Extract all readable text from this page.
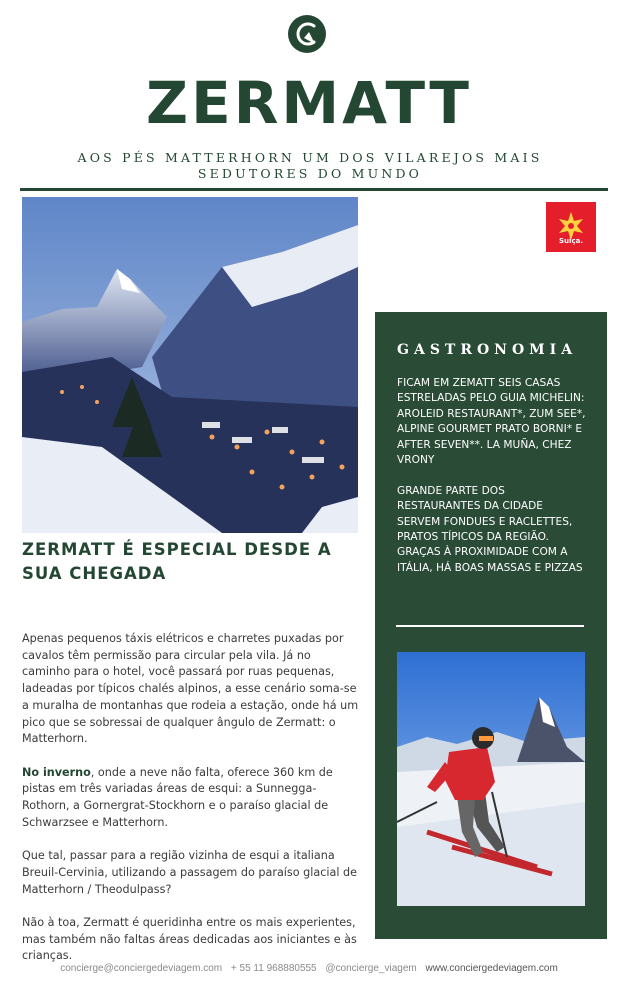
ZERMATT
AOS PÉS MATTERHORN UM DOS VILAREJOS MAIS SEDUTORES DO MUNDO
Suiça.
ZERMATT É ESPECIAL DESDE A SUA CHEGADA

Apenas pequenos táxis elétricos e charretes puxadas por cavalos têm permissão para circular pela vila. Já no caminho para o hotel, você passará por ruas pequenas, ladeadas por típicos chalés alpinos, a esse cenário soma-se a muralha de montanhas que rodeia a estação, onde há um pico que se sobressai de qualquer ângulo de Zermatt: o Matterhorn.

No inverno, onde a neve não falta, oferece 360 km de pistas em três variadas áreas de esqui: a Sunnegga-Rothorn, a Gornergrat-Stockhorn e o paraíso glacial de Schwarzsee e Matterhorn.

Que tal, passar para a região vizinha de esqui a italiana Breuil-Cervinia, utilizando a passagem do paraíso glacial de Matterhorn / Theodulpass?

Não à toa, Zermatt é queridinha entre os mais experientes, mas também não faltas áreas dedicadas aos iniciantes e às crianças.

GASTRONOMIA

FICAM EM ZEMATT SEIS CASAS ESTRELADAS PELO GUIA MICHELIN: AROLEID RESTAURANT*, ZUM SEE*, ALPINE GOURMET PRATO BORNI* E AFTER SEVEN**. LA MUÑA, CHEZ VRONY

GRANDE PARTE DOS RESTAURANTES DA CIDADE SERVEM FONDUES E RACLETTES, PRATOS TÍPICOS DA REGIÃO. GRAÇAS À PROXIMIDADE COM A ITÁLIA, HÁ BOAS MASSAS E PIZZAS

concierge@conciergedeviagem.com + 55 11 968880555 @concierge_viagem www.conciergedeviagem.com
